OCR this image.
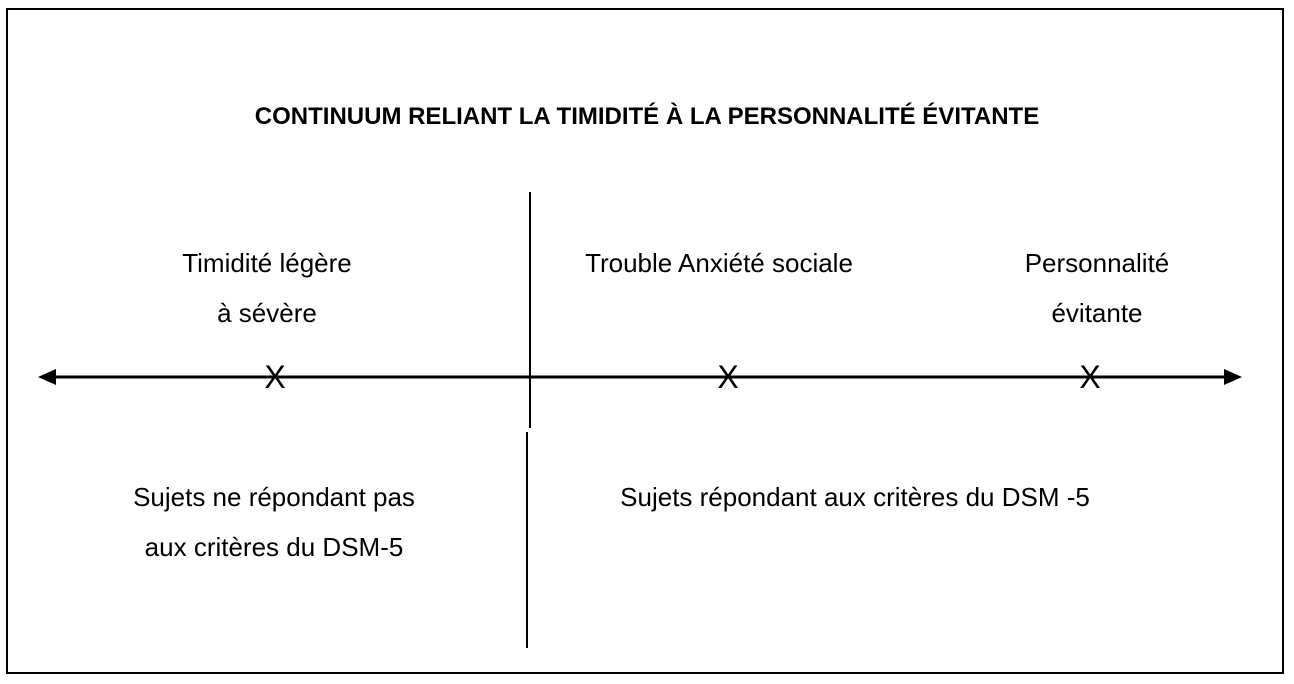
CONTINUUM RELIANT LA TIMIDITÉ À LA PERSONNALITÉ ÉVITANTE
Timidité légère
à sévère
Trouble Anxiété sociale	Personnalité
évitante
X	X	X
Sujets ne répondant pas
aux critères du DSM-5
Sujets répondant aux critères du DSM -5
